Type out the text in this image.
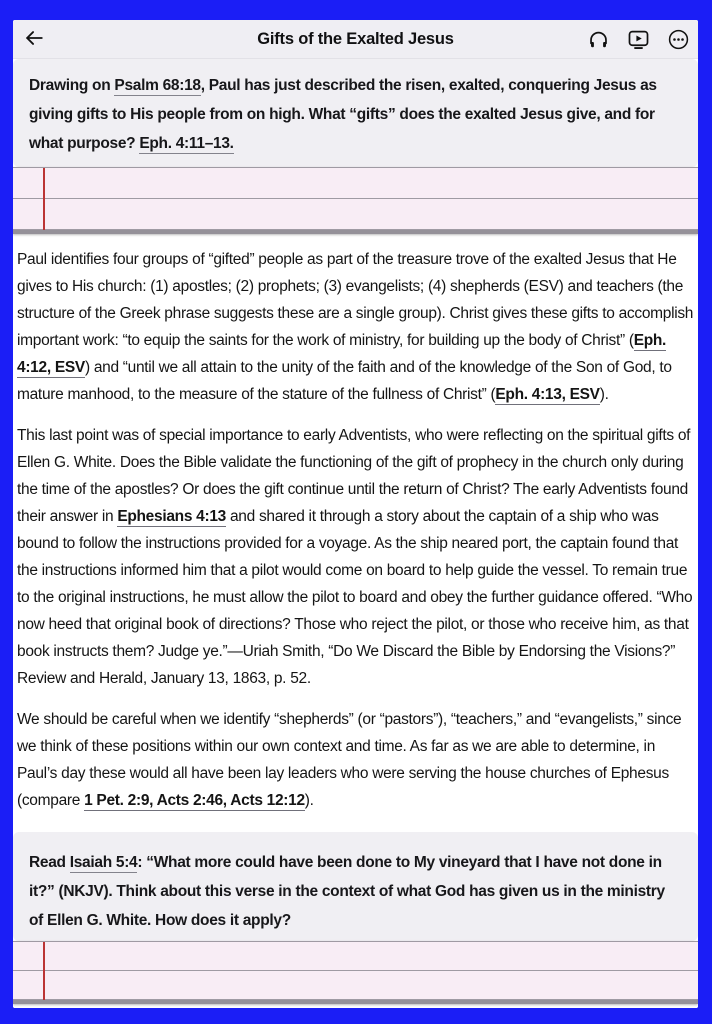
Gifts of the Exalted Jesus

Drawing on Psalm 68:18, Paul has just described the risen, exalted, conquering Jesus as giving gifts to His people from on high. What “gifts” does the exalted Jesus give, and for what purpose? Eph. 4:11–13.

Paul identifies four groups of “gifted” people as part of the treasure trove of the exalted Jesus that He gives to His church: (1) apostles; (2) prophets; (3) evangelists; (4) shepherds (ESV) and teachers (the structure of the Greek phrase suggests these are a single group). Christ gives these gifts to accomplish important work: “to equip the saints for the work of ministry, for building up the body of Christ” (Eph. 4:12, ESV) and “until we all attain to the unity of the faith and of the knowledge of the Son of God, to mature manhood, to the measure of the stature of the fullness of Christ” (Eph. 4:13, ESV).

This last point was of special importance to early Adventists, who were reflecting on the spiritual gifts of Ellen G. White. Does the Bible validate the functioning of the gift of prophecy in the church only during the time of the apostles? Or does the gift continue until the return of Christ? The early Adventists found their answer in Ephesians 4:13 and shared it through a story about the captain of a ship who was bound to follow the instructions provided for a voyage. As the ship neared port, the captain found that the instructions informed him that a pilot would come on board to help guide the vessel. To remain true to the original instructions, he must allow the pilot to board and obey the further guidance offered. “Who now heed that original book of directions? Those who reject the pilot, or those who receive him, as that book instructs them? Judge ye.”—Uriah Smith, “Do We Discard the Bible by Endorsing the Visions?” Review and Herald, January 13, 1863, p. 52.

We should be careful when we identify “shepherds” (or “pastors”), “teachers,” and “evangelists,” since we think of these positions within our own context and time. As far as we are able to determine, in Paul’s day these would all have been lay leaders who were serving the house churches of Ephesus (compare 1 Pet. 2:9, Acts 2:46, Acts 12:12).

Read Isaiah 5:4: “What more could have been done to My vineyard that I have not done in it?” (NKJV). Think about this verse in the context of what God has given us in the ministry of Ellen G. White. How does it apply?
